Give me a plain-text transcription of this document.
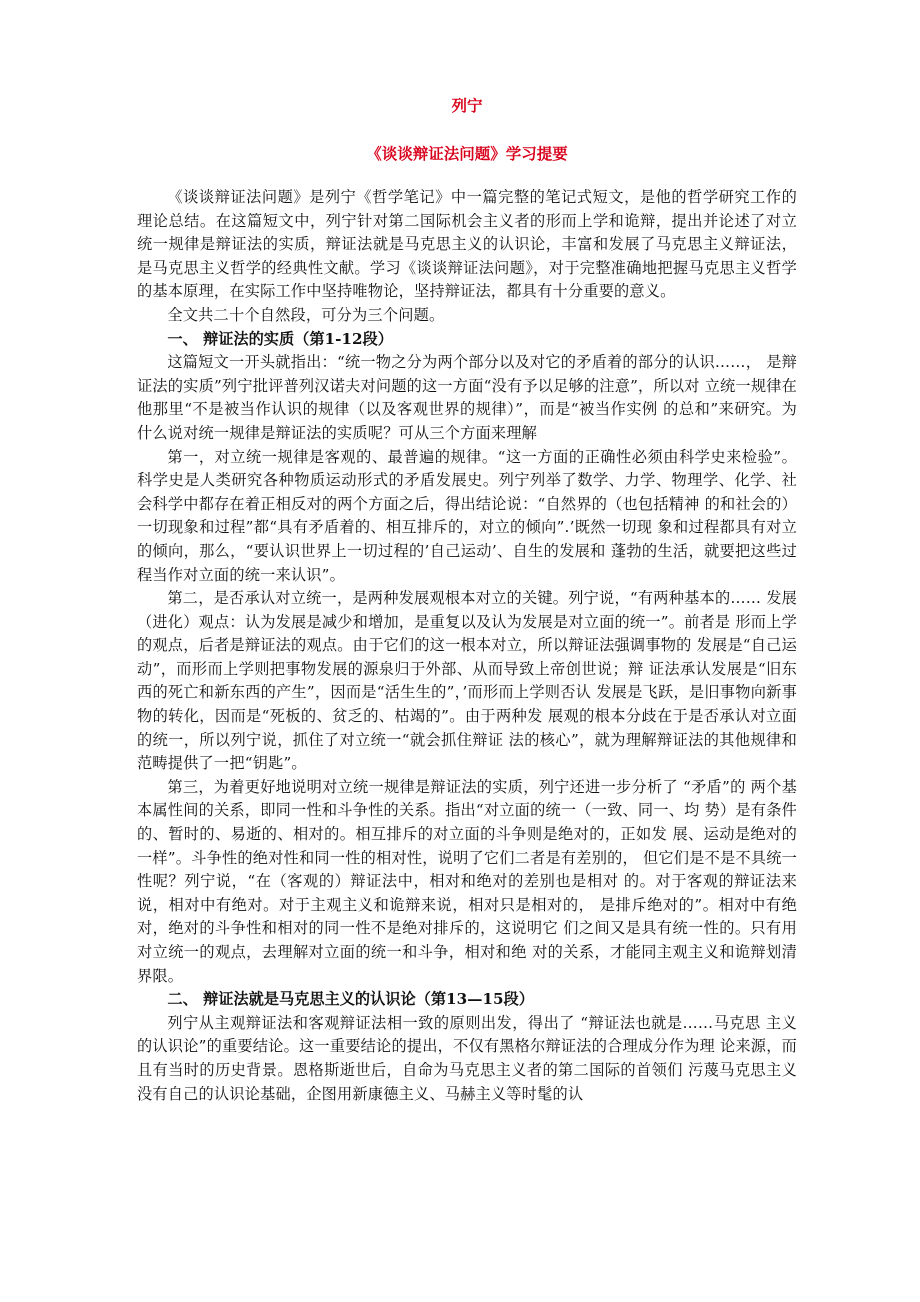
列宁

《谈谈辩证法问题》学习提要

《谈谈辩证法问题》是列宁《哲学笔记》中一篇完整的笔记式短文，是他的哲学研究工作的理论总结。在这篇短文中，列宁针对第二国际机会主义者的形而上学和诡辩，提出并论述了对立统一规律是辩证法的实质，辩证法就是马克思主义的认识论，丰富和发展了马克思主义辩证法，是马克思主义哲学的经典性文献。学习《谈谈辩证法问题》，对于完整准确地把握马克思主义哲学的基本原理，在实际工作中坚持唯物论，坚持辩证法，都具有十分重要的意义。

全文共二十个自然段，可分为三个问题。

一、 辩证法的实质（第1-12段）

这篇短文一开头就指出：“统一物之分为两个部分以及对它的矛盾着的部分的认识……， 是辩证法的实质”列宁批评普列汉诺夫对问题的这一方面“没有予以足够的注意”，所以对 立统一规律在他那里“不是被当作认识的规律（以及客观世界的规律）”，而是“被当作实例 的总和”来研究。为什么说对统一规律是辩证法的实质呢？可从三个方面来理解

第一，对立统一规律是客观的、最普遍的规律。“这一方面的正确性必须由科学史来检验”。科学史是人类研究各种物质运动形式的矛盾发展史。列宁列举了数学、力学、物理学、化学、社会科学中都存在着正相反对的两个方面之后，得出结论说：“自然界的（也包括精神 的和社会的）一切现象和过程”都“具有矛盾着的、相互排斥的，对立的倾向”.’既然一切现 象和过程都具有对立的倾向，那么，“要认识世界上一切过程的’自己运动’、自生的发展和 蓬勃的生活，就要把这些过程当作对立面的统一来认识”。

第二，是否承认对立统一，是两种发展观根本对立的关键。列宁说，“有两种基本的…… 发展（进化）观点：认为发展是减少和增加，是重复以及认为发展是对立面的统一”。前者是 形而上学的观点，后者是辩证法的观点。由于它们的这一根本对立，所以辩证法强调事物的 发展是“自己运动”，而形而上学则把事物发展的源泉归于外部、从而导致上帝创世说；辩 证法承认发展是“旧东西的死亡和新东西的产生”，因而是“活生生的”，’而形而上学则否认 发展是飞跃，是旧事物向新事物的转化，因而是“死板的、贫乏的、枯竭的”。由于两种发 展观的根本分歧在于是否承认对立面的统一，所以列宁说，抓住了对立统一“就会抓住辩证 法的核心”，就为理解辩证法的其他规律和范畴提供了一把“钥匙”。

第三，为着更好地说明对立统一规律是辩证法的实质，列宁还进一步分析了 “矛盾”的 两个基本属性间的关系，即同一性和斗争性的关系。指出“对立面的统一（一致、同一、均 势）是有条件的、暂时的、易逝的、相对的。相互排斥的对立面的斗争则是绝对的，正如发 展、运动是绝对的一样”。斗争性的绝对性和同一性的相对性，说明了它们二者是有差别的， 但它们是不是不具统一性呢？列宁说，“在（客观的）辩证法中，相对和绝对的差别也是相对 的。对于客观的辩证法来说，相对中有绝对。对于主观主义和诡辩来说，相对只是相对的， 是排斥绝对的”。相对中有绝对，绝对的斗争性和相对的同一性不是绝对排斥的，这说明它 们之间又是具有统一性的。只有用对立统一的观点，去理解对立面的统一和斗争，相对和绝 对的关系，才能同主观主义和诡辩划清界限。

二、 辩证法就是马克思主义的认识论（第13—15段）

列宁从主观辩证法和客观辩证法相一致的原则出发，得出了 “辩证法也就是……马克思 主义的认识论”的重要结论。这一重要结论的提出，不仅有黑格尔辩证法的合理成分作为理 论来源，而且有当时的历史背景。恩格斯逝世后，自命为马克思主义者的第二国际的首领们 污蔑马克思主义没有自己的认识论基础，企图用新康德主义、马赫主义等时髦的认
